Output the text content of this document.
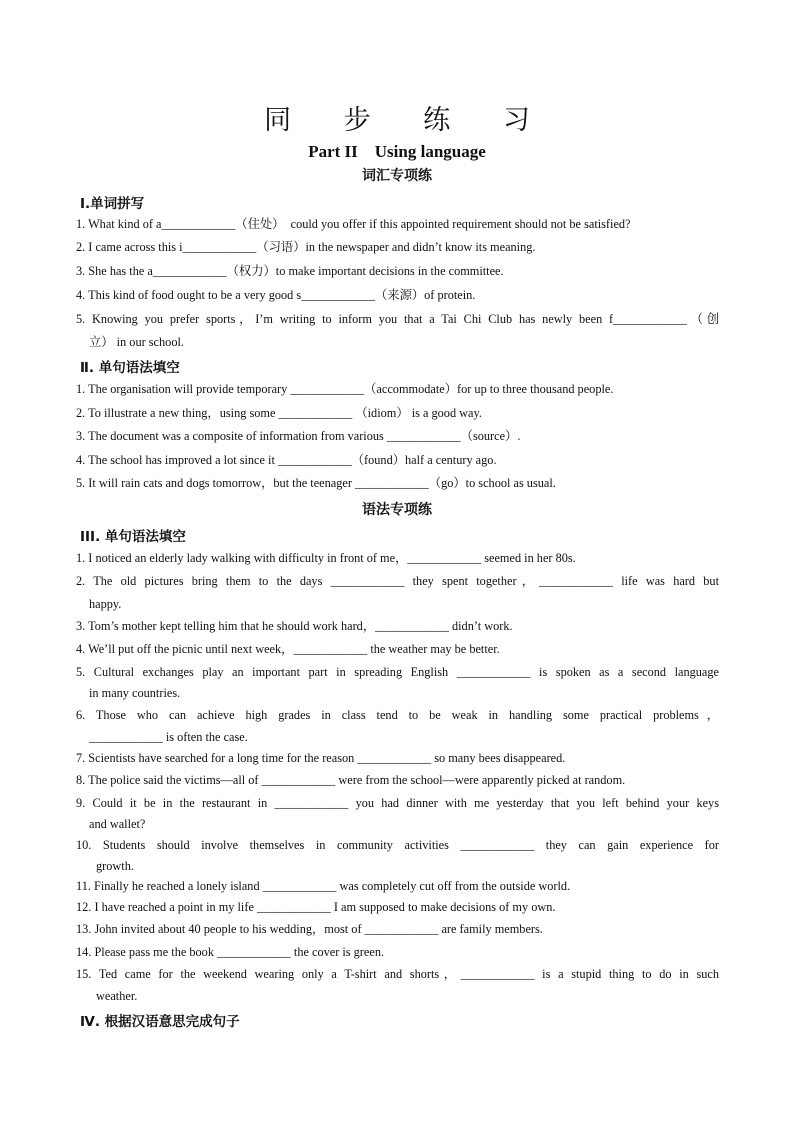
同 步 练 习
Part II　Using language
词汇专项练
Ⅰ.单词拼写
1. What kind of a____________（住处）　could you offer if this appointed requirement should not be satisfied?
2. I came across this i____________（习语）in the newspaper and didn’t know its meaning.
3. She has the a____________（权力）to make important decisions in the committee.
4. This kind of food ought to be a very good s____________（来源）of protein.
5. Knowing you prefer sports，I’m writing to inform you that a Tai Chi Club has newly been f____________（创
立） in our school.
Ⅱ. 单句语法填空
1. The organisation will provide temporary ____________（accommodate）for up to three thousand people.
2. To illustrate a new thing，using some ____________ （idiom） is a good way.
3. The document was a composite of information from various ____________（source）.
4. The school has improved a lot since it ____________（found）half a century ago.
5. It will rain cats and dogs tomorrow，but the teenager ____________（go）to school as usual.
语法专项练
III. 单句语法填空
1. I noticed an elderly lady walking with difficulty in front of me，____________ seemed in her 80s.
2. The old pictures bring them to the days ____________ they spent together，____________ life was hard but
happy.
3. Tom’s mother kept telling him that he should work hard，____________ didn’t work.
4. We’ll put off the picnic until next week，____________ the weather may be better.
5. Cultural exchanges play an important part in spreading English ____________ is spoken as a second language
in many countries.
6. Those who can achieve high grades in class tend to be weak in handling some practical problems，
____________ is often the case.
7. Scientists have searched for a long time for the reason ____________ so many bees disappeared.
8. The police said the victims—all of ____________ were from the school—were apparently picked at random.
9. Could it be in the restaurant in ____________ you had dinner with me yesterday that you left behind your keys
and wallet?
10. Students should involve themselves in community activities ____________ they can gain experience for
growth.
11. Finally he reached a lonely island ____________ was completely cut off from the outside world.
12. I have reached a point in my life ____________ I am supposed to make decisions of my own.
13. John invited about 40 people to his wedding，most of ____________ are family members.
14. Please pass me the book ____________ the cover is green.
15. Ted came for the weekend wearing only a T-shirt and shorts，____________ is a stupid thing to do in such
weather.
Ⅳ. 根据汉语意思完成句子
